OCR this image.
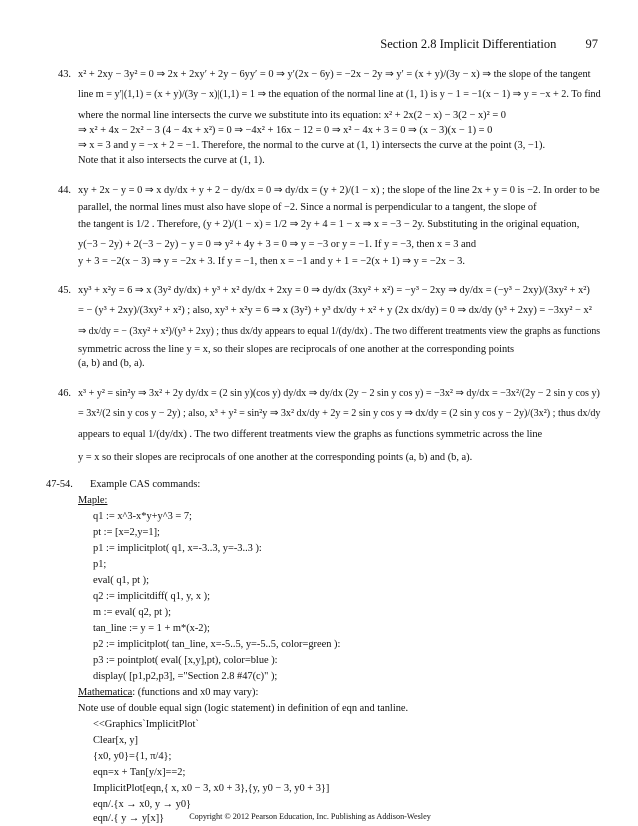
Section 2.8 Implicit Differentiation 97
43. x² + 2xy − 3y² = 0 ⇒ 2x + 2xy′ + 2y − 6yy′ = 0 ⇒ y′(2x − 6y) = −2x − 2y ⇒ y′ = (x + y)/(3y − x) ⇒ the slope of the tangent
line m = y′|(1,1) = (x + y)/(3y − x)|(1,1) = 1 ⇒ the equation of the normal line at (1, 1) is y − 1 = −1(x − 1) ⇒ y = −x + 2. To find
where the normal line intersects the curve we substitute into its equation: x² + 2x(2 − x) − 3(2 − x)² = 0
⇒ x² + 4x − 2x² − 3 (4 − 4x + x²) = 0 ⇒ −4x² + 16x − 12 = 0 ⇒ x² − 4x + 3 = 0 ⇒ (x − 3)(x − 1) = 0
⇒ x = 3 and y = −x + 2 = −1. Therefore, the normal to the curve at (1, 1) intersects the curve at the point (3, −1).
Note that it also intersects the curve at (1, 1).
44. xy + 2x − y = 0 ⇒ x dy/dx + y + 2 − dy/dx = 0 ⇒ dy/dx = (y + 2)/(1 − x) ; the slope of the line 2x + y = 0 is −2. In order to be
parallel, the normal lines must also have slope of −2. Since a normal is perpendicular to a tangent, the slope of
the tangent is 1/2 . Therefore, (y + 2)/(1 − x) = 1/2 ⇒ 2y + 4 = 1 − x ⇒ x = −3 − 2y. Substituting in the original equation,
y(−3 − 2y) + 2(−3 − 2y) − y = 0 ⇒ y² + 4y + 3 = 0 ⇒ y = −3 or y = −1. If y = −3, then x = 3 and
y + 3 = −2(x − 3) ⇒ y = −2x + 3. If y = −1, then x = −1 and y + 1 = −2(x + 1) ⇒ y = −2x − 3.
45. xy³ + x²y = 6 ⇒ x (3y² dy/dx) + y³ + x² dy/dx + 2xy = 0 ⇒ dy/dx (3xy² + x²) = −y³ − 2xy ⇒ dy/dx = (−y³ − 2xy)/(3xy² + x²)
= − (y³ + 2xy)/(3xy² + x²) ; also, xy³ + x²y = 6 ⇒ x (3y²) + y³ dx/dy + x² + y (2x dx/dy) = 0 ⇒ dx/dy (y³ + 2xy) = −3xy² − x²
⇒ dx/dy = − (3xy² + x²)/(y³ + 2xy) ; thus dx/dy appears to equal 1/(dy/dx) . The two different treatments view the graphs as functions
symmetric across the line y = x, so their slopes are reciprocals of one another at the corresponding points
(a, b) and (b, a).
46. x³ + y² = sin²y ⇒ 3x² + 2y dy/dx = (2 sin y)(cos y) dy/dx ⇒ dy/dx (2y − 2 sin y cos y) = −3x² ⇒ dy/dx = −3x²/(2y − 2 sin y cos y)
= 3x²/(2 sin y cos y − 2y) ; also, x³ + y² = sin²y ⇒ 3x² dx/dy + 2y = 2 sin y cos y ⇒ dx/dy = (2 sin y cos y − 2y)/(3x²) ; thus dx/dy
appears to equal 1/(dy/dx) . The two different treatments view the graphs as functions symmetric across the line
y = x so their slopes are reciprocals of one another at the corresponding points (a, b) and (b, a).
47-54. Example CAS commands:
Maple:
q1 := x^3-x*y+y^3 = 7;
pt := [x=2,y=1];
p1 := implicitplot( q1, x=-3..3, y=-3..3 ):
p1;
eval( q1, pt );
q2 := implicitdiff( q1, y, x );
m := eval( q2, pt );
tan_line := y = 1 + m*(x-2);
p2 := implicitplot( tan_line, x=-5..5, y=-5..5, color=green ):
p3 := pointplot( eval( [x,y],pt), color=blue ):
display( [p1,p2,p3], ="Section 2.8 #47(c)" );
Mathematica: (functions and x0 may vary):
Note use of double equal sign (logic statement) in definition of eqn and tanline.
<<Graphics`ImplicitPlot`
Clear[x, y]
{x0, y0}={1, π/4};
eqn=x + Tan[y/x]==2;
ImplicitPlot[eqn,{ x, x0 − 3, x0 + 3},{y, y0 − 3, y0 + 3}]
eqn/.{x → x0, y → y0}
eqn/.{ y → y[x]}	Copyright © 2012 Pearson Education, Inc. Publishing as Addison-Wesley
